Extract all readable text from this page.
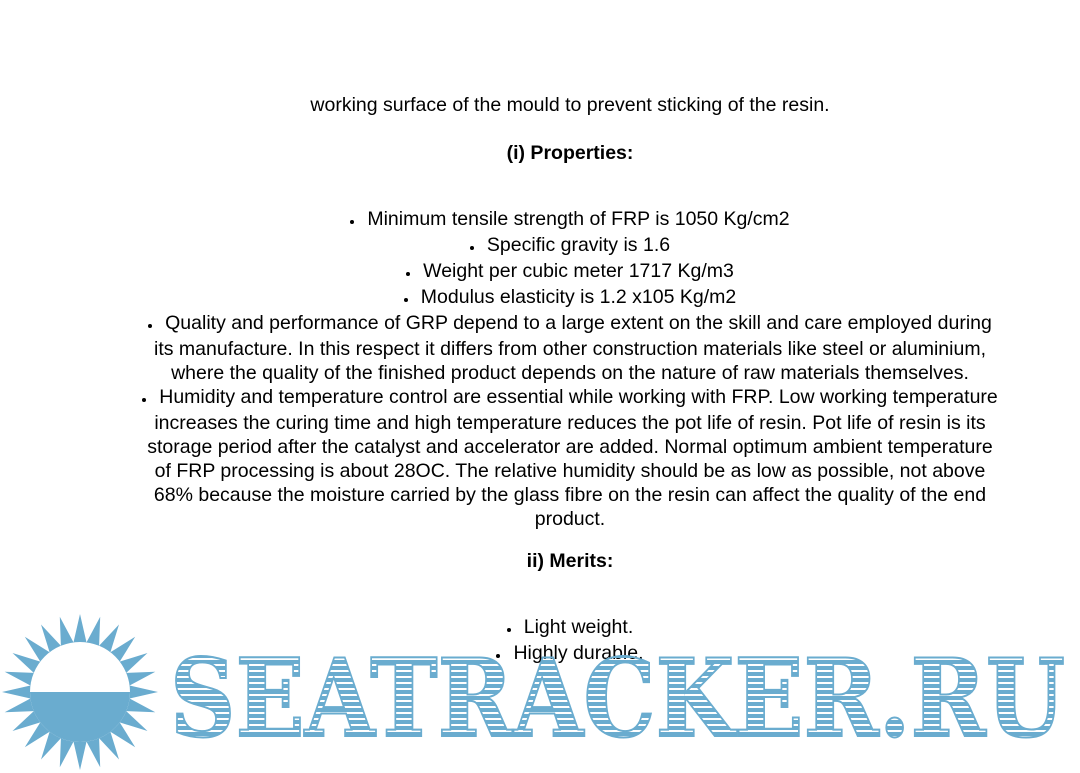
working surface of the mould to prevent sticking of the resin.

(i) Properties:

• Minimum tensile strength of FRP is 1050 Kg/cm2
• Specific gravity is 1.6
• Weight per cubic meter 1717 Kg/m3
• Modulus elasticity is 1.2 x105 Kg/m2
• Quality and performance of GRP depend to a large extent on the skill and care employed during its manufacture. In this respect it differs from other construction materials like steel or aluminium, where the quality of the finished product depends on the nature of raw materials themselves.
• Humidity and temperature control are essential while working with FRP. Low working temperature increases the curing time and high temperature reduces the pot life of resin. Pot life of resin is its storage period after the catalyst and accelerator are added. Normal optimum ambient temperature of FRP processing is about 28OC. The relative humidity should be as low as possible, not above 68% because the moisture carried by the glass fibre on the resin can affect the quality of the end product.

ii) Merits:

• Light weight.
• Highly durable.
SEATRACKER.RU
